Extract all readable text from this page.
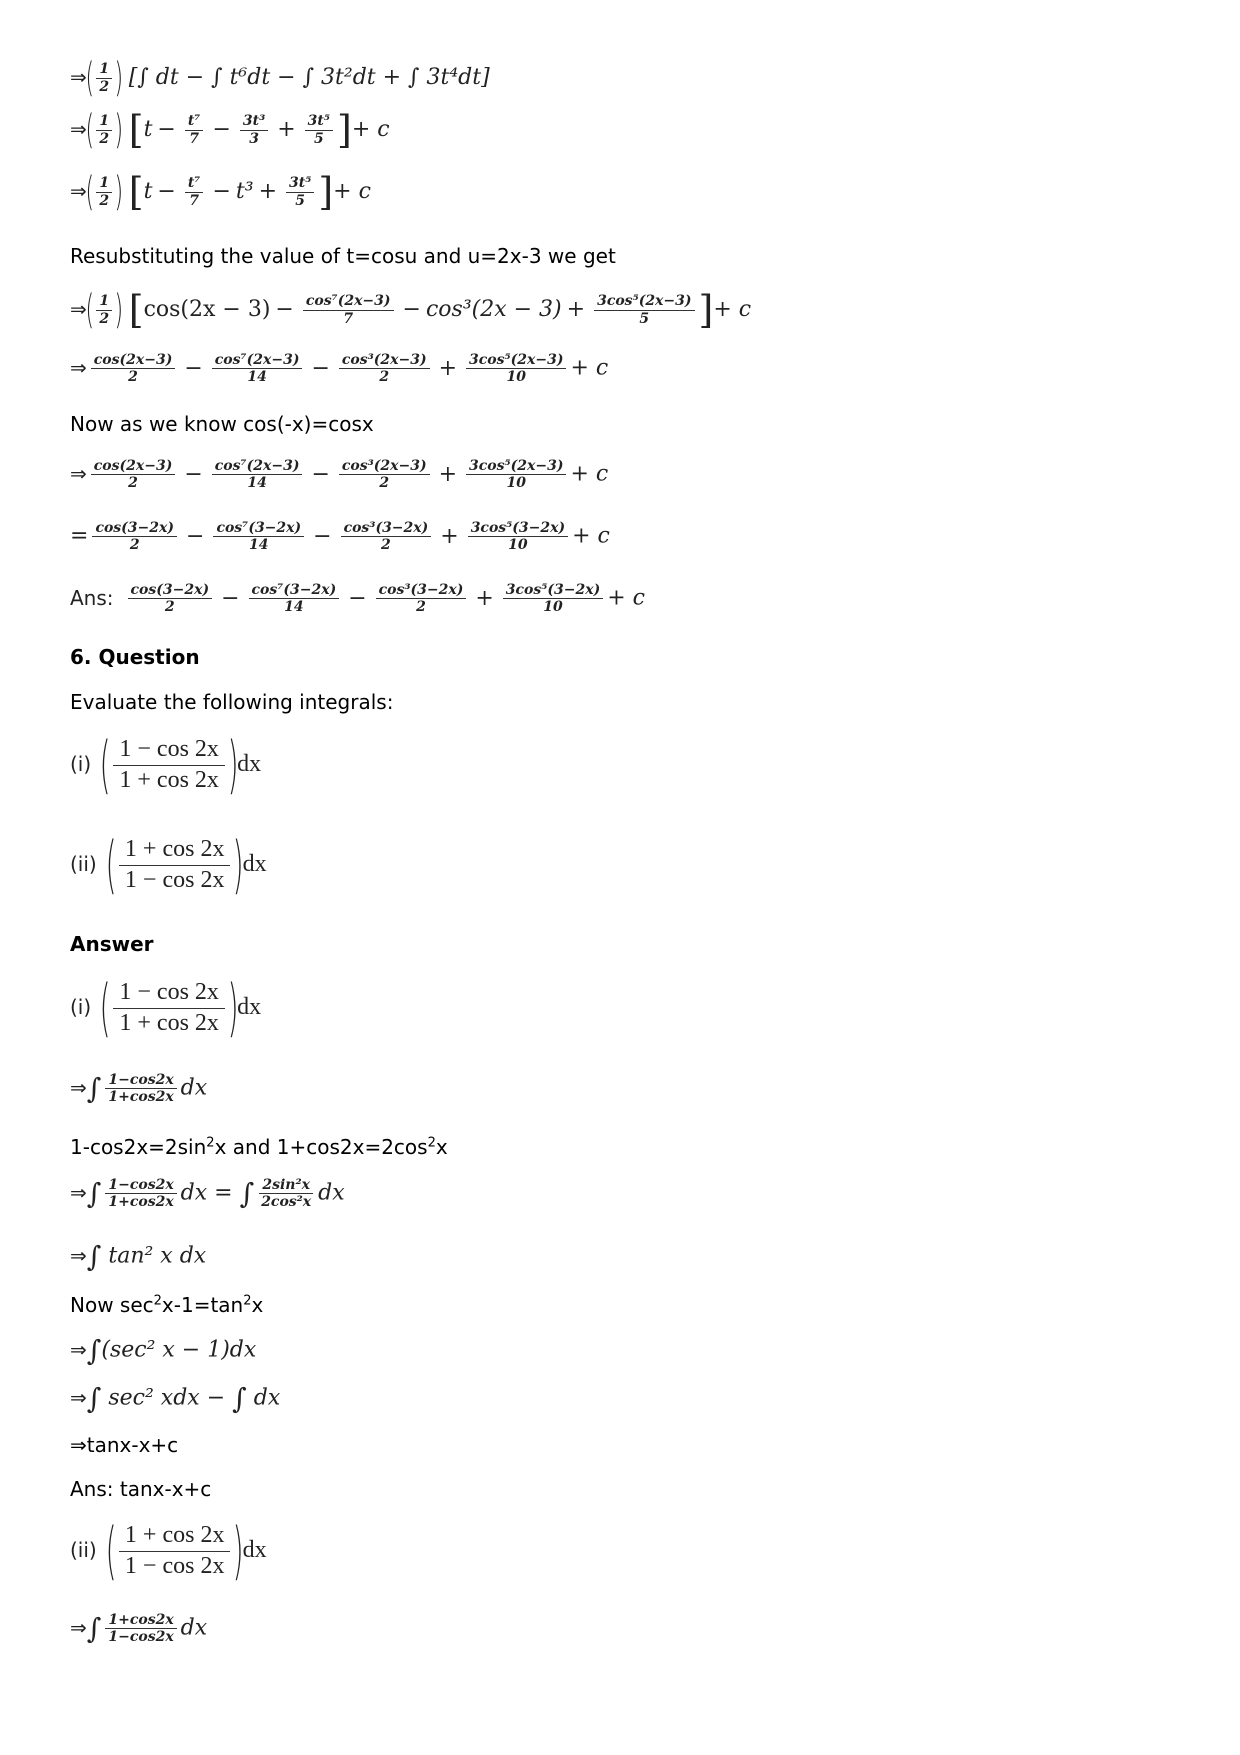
⇒
( 1
2 ) [∫ dt − ∫ t⁶dt − ∫ 3t²dt + ∫ 3t⁴dt]
⇒
( 1
2 ) [$t - \frac{\text{t⁷}}{7} - \frac{\text{3t³}}{3} + \frac{\text{3t⁵}}{5}$ ]+ c
⇒
( 1
2 ) [$t - \frac{\text{t⁷}}{7} - t^3 + \frac{\text{3t⁵}}{5}$ ]+ c
Resubstituting the value of t=cosu and u=2x-3 we get
⇒
( 1
2 ) [$\cos(2x - 3) - \frac{\text{cos⁷(2x−3)}}{7} - \cos^3(2x - 3) + \frac{\text{3cos⁵(2x−3)}}{5}$ ]+ c
⇒ $\frac{\cos(2x-3)}{2} - \frac{\text{cos⁷(2x−3)}}{14} - \frac{\text{cos³(2x−3)}}{2} + \frac{\text{3cos⁵(2x−3)}}{10} + c$
Now as we know cos(-x)=cosx
⇒ $\frac{\cos(2x-3)}{2} - \frac{\text{cos⁷(2x−3)}}{14} - \frac{\text{cos³(2x−3)}}{2} + \frac{\text{3cos⁵(2x−3)}}{10} + c$
= $\frac{\cos(3-2x)}{2} - \frac{\text{cos⁷(3−2x)}}{14} - \frac{\text{cos³(3−2x)}}{2} + \frac{\text{3cos⁵(3−2x)}}{10} + c$
Ans: $\frac{\cos(3-2x)}{2} - \frac{\text{cos⁷(3−2x)}}{14} - \frac{\text{cos³(3−2x)}}{2} + \frac{\text{3cos⁵(3−2x)}}{10} + c$
6. Question
Evaluate the following integrals:
(i) ( 1 − cos 2x
1 + cos 2x )
dx
(ii) ( 1 + cos 2x
1 − cos 2x )
dx
Answer
(i) ( 1 − cos 2x
1 + cos 2x )
dx
⇒∫ $\frac{1-\cos 2x}{1+\cos 2x}$ dx
$1-\cos 2x=2\sin^2x$ and $1+\cos 2x=2\cos^2x$
⇒∫ $\frac{1-\cos 2x}{1+\cos 2x}$ dx = ∫ $\frac{\text{2sin²x}}{\text{2cos²x}}$ dx
⇒∫ tan² x dx
Now $\sec^2x-1=\tan^2x$
⇒∫(sec² x − 1)dx
⇒∫ sec² xdx − ∫ dx
⇒tanx-x+c
Ans: tanx-x+c
(ii) ( 1 + cos 2x
1 − cos 2x )
dx
⇒∫ $\frac{1+\cos 2x}{1-\cos 2x}$ dx
